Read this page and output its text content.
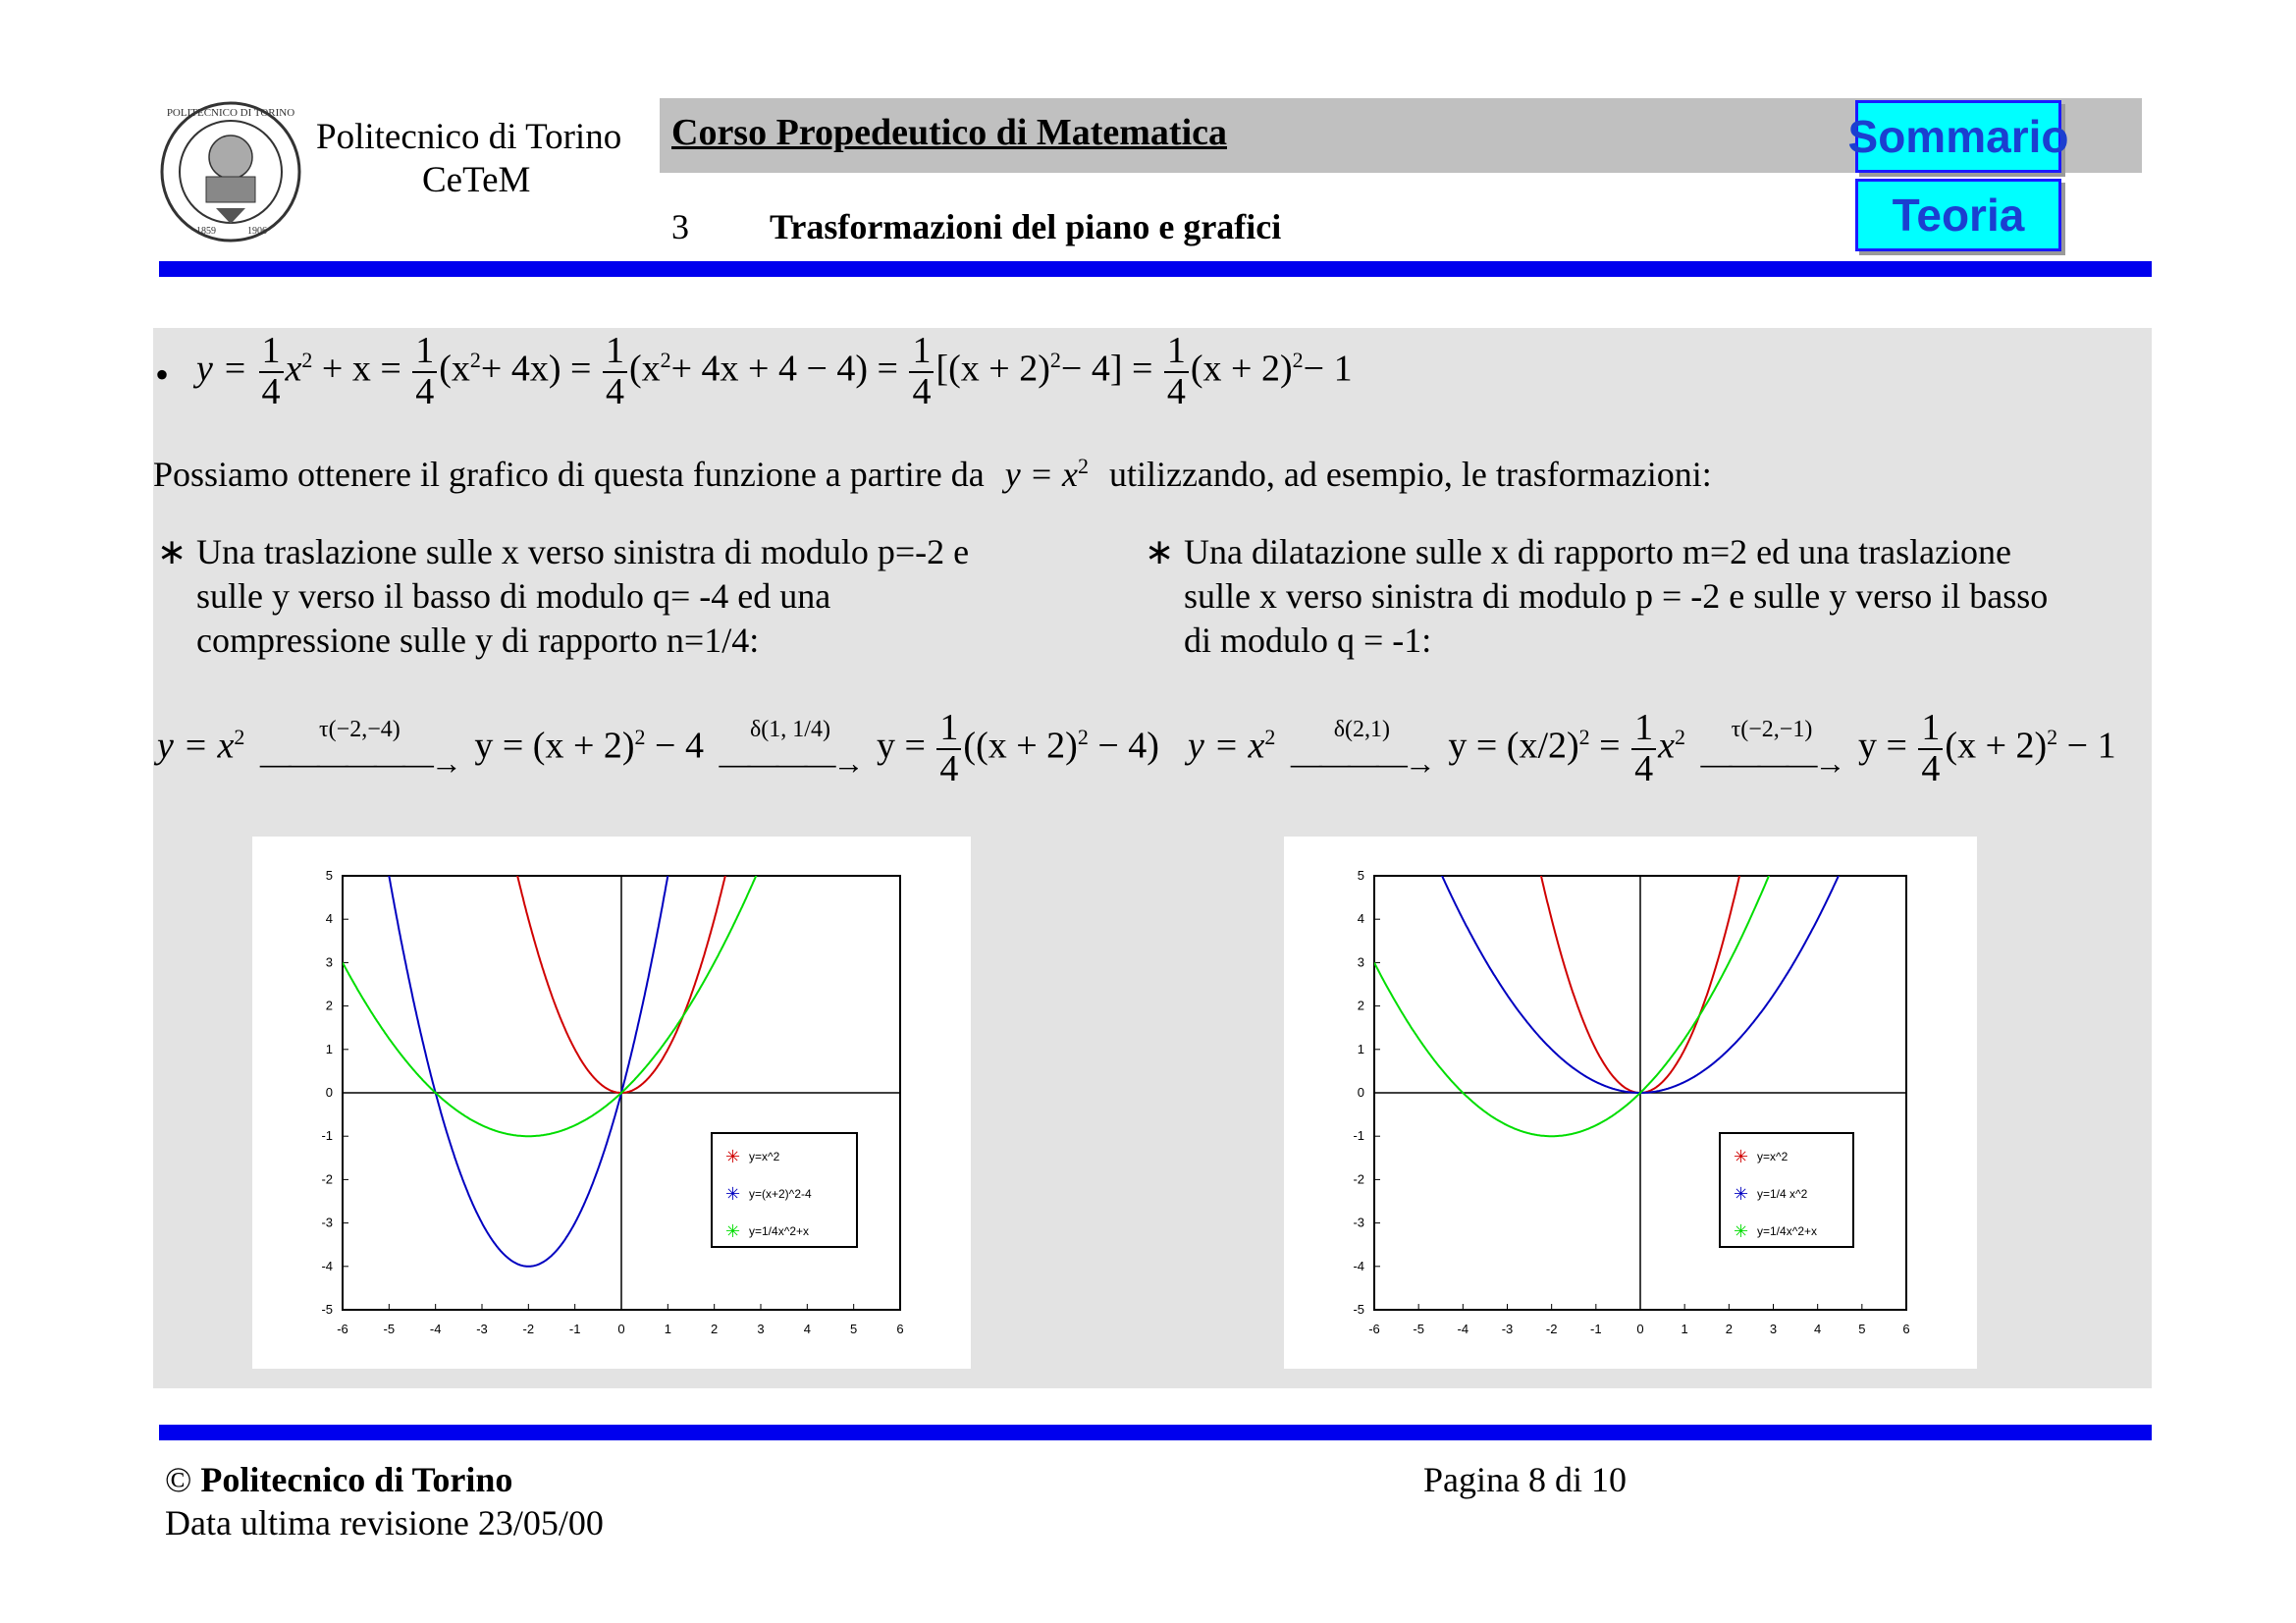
POLITECNICO DI TORINO
1859	1906
Politecnico di Torino
CeTeM
Corso Propedeutico di Matematica
3 Trasformazioni del piano e grafici
Sommario
Teoria
• $y = \frac{1}{4} x^2 + x = \frac{1}{4} (x^2+ 4x) = \frac{1}{4} (x^2+ 4x + 4 - 4) = \frac{1}{4} [(x + 2)^2- 4] = \frac{1}{4} (x + 2)^2- 1$
Possiamo ottenere il grafico di questa funzione a partire da $y = x^2$ utilizzando, ad esempio, le trasformazioni:
∗ Una traslazione sulle x verso sinistra di modulo p=-2 e
sulle y verso il basso di modulo q= -4 ed una
compressione sulle y di rapporto n=1/4:
$y = x^2$	τ(−2,−4)
——————→ $y = (x + 2)^2 - 4$ δ(1, 1/4)
————→ $y = \frac{1}{4} ((x + 2)^2 - 4)$
∗ Una dilatazione sulle x di rapporto m=2 ed una traslazione
sulle x verso sinistra di modulo p = -2 e sulle y verso il basso
di modulo q = -1:
$y = x^2$ δ(2,1)
————→ $y = (x/2)^2 = \frac{1}{4} x^2$ τ(−2,−1)
————→ $y = \frac{1}{4} (x + 2)^2 - 1$
-6	-5	-4	-3	-2	-1	0	1	2	3	4	5	6
-5
-4
-3
-2
-1
0
1
2
3
4
5
✳ y=x^2
✳ y=(x+2)^2-4
✳ y=1/4x^2+x
-6	-5	-4	-3	-2	-1	0	1	2	3	4	5	6
-5
-4
-3
-2
-1
0
1
2
3
4
5
✳ y=x^2
✳ y=1/4 x^2
✳ y=1/4x^2+x
© Politecnico di Torino
Data ultima revisione 23/05/00
Pagina 8 di 10
